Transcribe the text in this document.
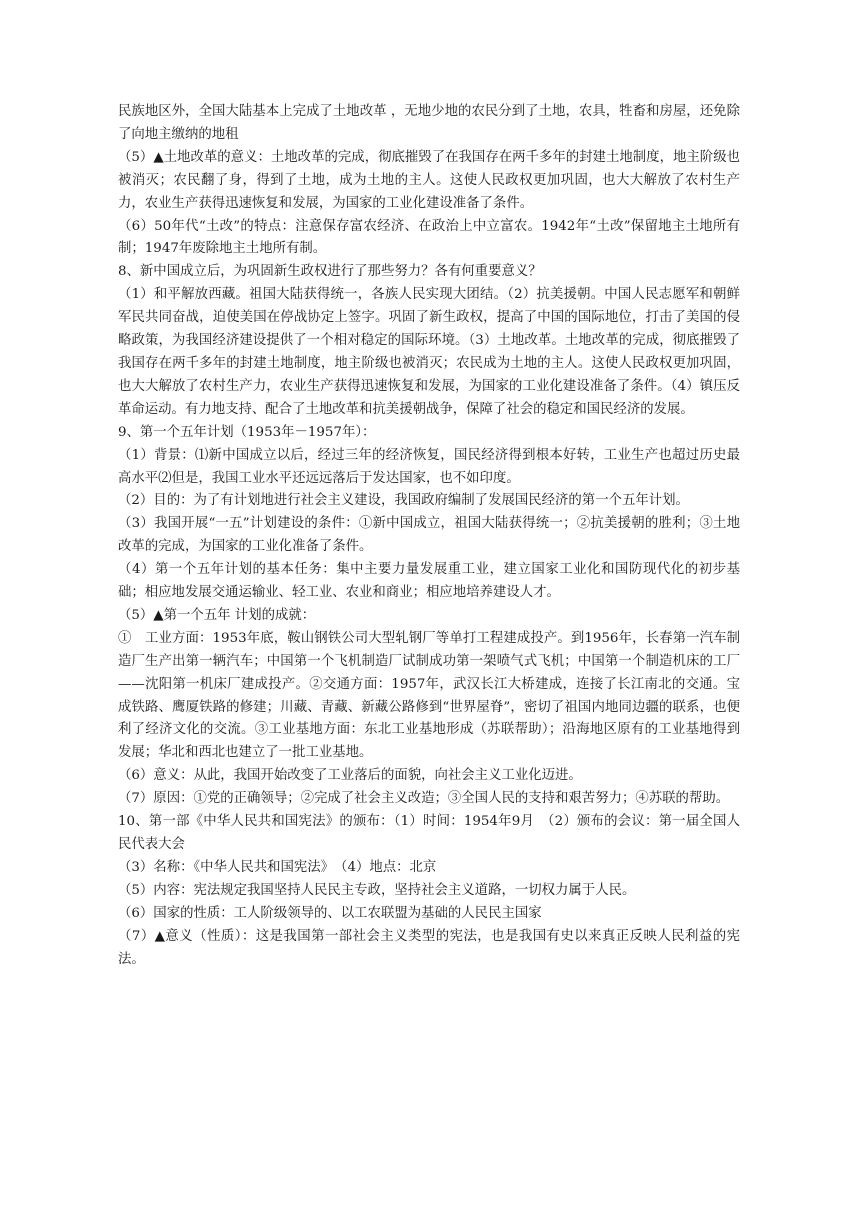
民族地区外，全国大陆基本上完成了土地改革 ，无地少地的农民分到了土地，农具，牲畜和房屋，还免除了向地主缴纳的地租

（5）▲土地改革的意义：土地改革的完成，彻底摧毁了在我国存在两千多年的封建土地制度，地主阶级也被消灭；农民翻了身，得到了土地，成为土地的主人。这使人民政权更加巩固，也大大解放了农村生产力，农业生产获得迅速恢复和发展，为国家的工业化建设准备了条件。

（6）50年代“土改”的特点：注意保存富农经济、在政治上中立富农。1942年“土改”保留地主土地所有制；1947年废除地主土地所有制。

8、新中国成立后，为巩固新生政权进行了那些努力？各有何重要意义？

（1）和平解放西藏。祖国大陆获得统一，各族人民实现大团结。（2）抗美援朝。中国人民志愿军和朝鲜军民共同奋战，迫使美国在停战协定上签字。巩固了新生政权，提高了中国的国际地位，打击了美国的侵略政策，为我国经济建设提供了一个相对稳定的国际环境。（3）土地改革。土地改革的完成，彻底摧毁了我国存在两千多年的封建土地制度，地主阶级也被消灭；农民成为土地的主人。这使人民政权更加巩固，也大大解放了农村生产力，农业生产获得迅速恢复和发展，为国家的工业化建设准备了条件。（4）镇压反革命运动。有力地支持、配合了土地改革和抗美援朝战争，保障了社会的稳定和国民经济的发展。

9、第一个五年计划（1953年－1957年）：

（1）背景：⑴新中国成立以后，经过三年的经济恢复，国民经济得到根本好转，工业生产也超过历史最高水平⑵但是，我国工业水平还远远落后于发达国家，也不如印度。

（2）目的：为了有计划地进行社会主义建设，我国政府编制了发展国民经济的第一个五年计划。

（3）我国开展“一五”计划建设的条件：①新中国成立，祖国大陆获得统一；②抗美援朝的胜利；③土地改革的完成，为国家的工业化准备了条件。

（4）第一个五年计划的基本任务：集中主要力量发展重工业，建立国家工业化和国防现代化的初步基础；相应地发展交通运输业、轻工业、农业和商业；相应地培养建设人才。

（5）▲第一个五年 计划的成就：

①　工业方面：1953年底，鞍山钢铁公司大型轧钢厂等单打工程建成投产。到1956年，长春第一汽车制造厂生产出第一辆汽车；中国第一个飞机制造厂试制成功第一架喷气式飞机；中国第一个制造机床的工厂——沈阳第一机床厂建成投产。②交通方面：1957年，武汉长江大桥建成，连接了长江南北的交通。宝成铁路、鹰厦铁路的修建；川藏、青藏、新藏公路修到“世界屋脊”，密切了祖国内地同边疆的联系，也便利了经济文化的交流。③工业基地方面：东北工业基地形成（苏联帮助）；沿海地区原有的工业基地得到发展；华北和西北也建立了一批工业基地。

（6）意义：从此，我国开始改变了工业落后的面貌，向社会主义工业化迈进。

（7）原因：①党的正确领导；②完成了社会主义改造；③全国人民的支持和艰苦努力；④苏联的帮助。

10、第一部《中华人民共和国宪法》的颁布：（1）时间：1954年9月　（2）颁布的会议：第一届全国人民代表大会

（3）名称：《中华人民共和国宪法》　（4）地点：北京

（5）内容：宪法规定我国坚持人民民主专政，坚持社会主义道路，一切权力属于人民。

（6）国家的性质：工人阶级领导的、以工农联盟为基础的人民民主国家

（7）▲意义（性质）：这是我国第一部社会主义类型的宪法，也是我国有史以来真正反映人民利益的宪法。
